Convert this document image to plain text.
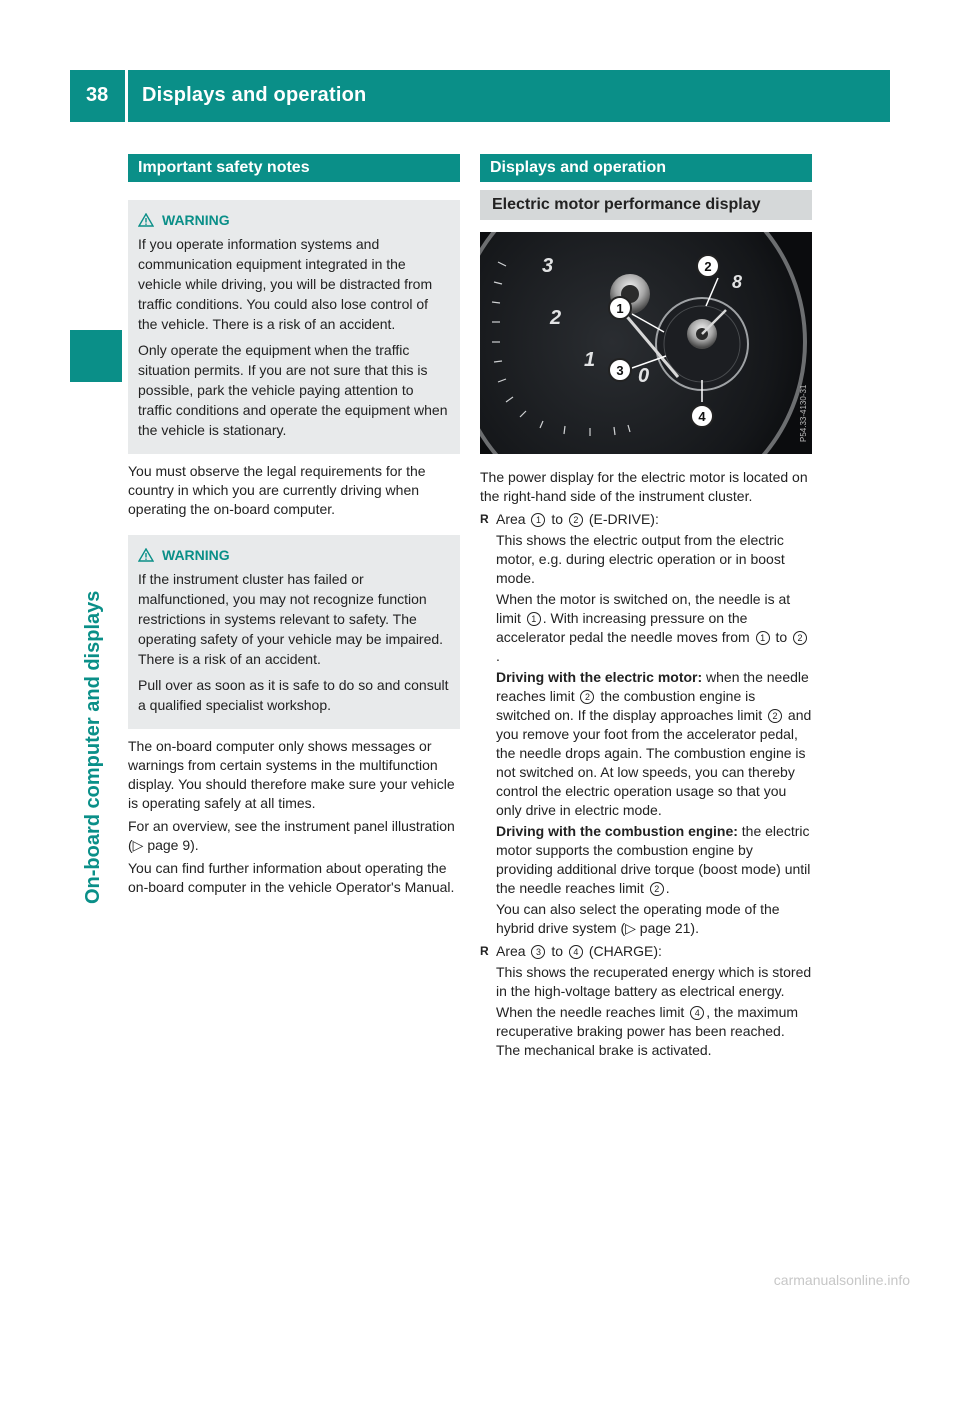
38 Displays and operation
On-board computer and displays
Important safety notes
WARNING

If you operate information systems and communication equipment integrated in the vehicle while driving, you will be distracted from traffic conditions. You could also lose control of the vehicle. There is a risk of an accident.

Only operate the equipment when the traffic situation permits. If you are not sure that this is possible, park the vehicle paying attention to traffic conditions and operate the equipment when the vehicle is stationary.

You must observe the legal requirements for the country in which you are currently driving when operating the on-board computer.

WARNING

If the instrument cluster has failed or malfunctioned, you may not recognize function restrictions in systems relevant to safety. The operating safety of your vehicle may be impaired. There is a risk of an accident.

Pull over as soon as it is safe to do so and consult a qualified specialist workshop.

The on-board computer only shows messages or warnings from certain systems in the multifunction display. You should therefore make sure your vehicle is operating safely at all times.

For an overview, see the instrument panel illustration (▷ page 9).

You can find further information about operating the on-board computer in the vehicle Operator's Manual.

Displays and operation
Electric motor performance display
3
2
1
0
8
1
2
3
4	P54.33-4130-31

The power display for the electric motor is located on the right-hand side of the instrument cluster.

R Area 1 to 2 (E-DRIVE):
This shows the electric output from the electric motor, e.g. during electric operation or in boost mode.
When the motor is switched on, the needle is at limit 1 . With increasing pressure on the accelerator pedal the needle moves from 1 to 2.
Driving with the electric motor: when the needle reaches limit 2 the combustion engine is switched on. If the display approaches limit 2 and you remove your foot from the accelerator pedal, the needle drops again. The combustion engine is not switched on. At low speeds, you can thereby control the electric operation usage so that you only drive in electric mode.
Driving with the combustion engine: the electric motor supports the combustion engine by providing additional drive torque (boost mode) until the needle reaches limit 2 .
You can also select the operating mode of the hybrid drive system (▷ page 21).
R Area 3 to 4 (CHARGE):
This shows the recuperated energy which is stored in the high-voltage battery as electrical energy.
When the needle reaches limit 4 , the maximum recuperative braking power has been reached. The mechanical brake is activated.
carmanualsonline.info
